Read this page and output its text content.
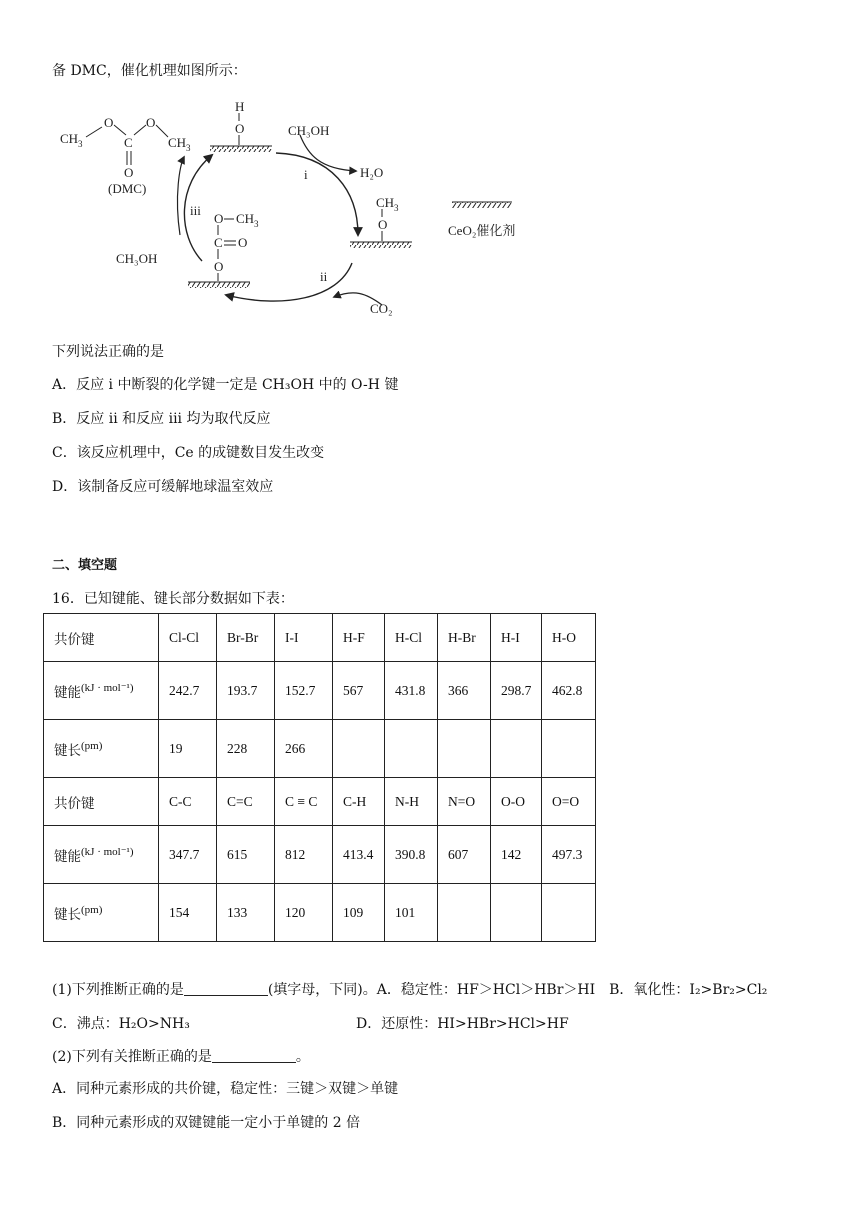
备 DMC，催化机理如图所示：
CH 3
O
C
O
CH 3
O
(DMC)
H
O
CH 3
O
O CH 3
C O
O
CH₃OH
H₂O
i
ii
iii
CH₃OH
CO₂
CeO₂催化剂
下列说法正确的是
A．反应 i 中断裂的化学键一定是 CH₃OH 中的 O-H 键
B．反应 ii 和反应 iii 均为取代反应
C．该反应机理中，Ce 的成键数目发生改变
D．该制备反应可缓解地球温室效应
二、填空题
16．已知键能、键长部分数据如下表：
共价键	Cl-Cl	Br-Br	I-I	H-F	H-Cl	H-Br	H-I	H-O
键能$^{(kJ \cdot mol^{-1})}$	242.7	193.7	152.7	567	431.8	366	298.7	462.8
键长$^{(pm)}$	19	228	266					
共价键	C-C	C=C	C ≡ C	C-H	N-H	N=O	O-O	O=O
键能$^{(kJ \cdot mol^{-1})}$	347.7	615	812	413.4	390.8	607	142	497.3
键长$^{(pm)}$	154	133	120	109	101			
(1)下列推断正确的是	(填字母，下同)。A．稳定性：HF＞HCl＞HBr＞HI　B．氧化性：I₂>Br₂>Cl₂
C．沸点：H₂O>NH₃	D．还原性：HI>HBr>HCl>HF
(2)下列有关推断正确的是	。
A．同种元素形成的共价键，稳定性：三键＞双键＞单键
B．同种元素形成的双键键能一定小于单键的 2 倍
